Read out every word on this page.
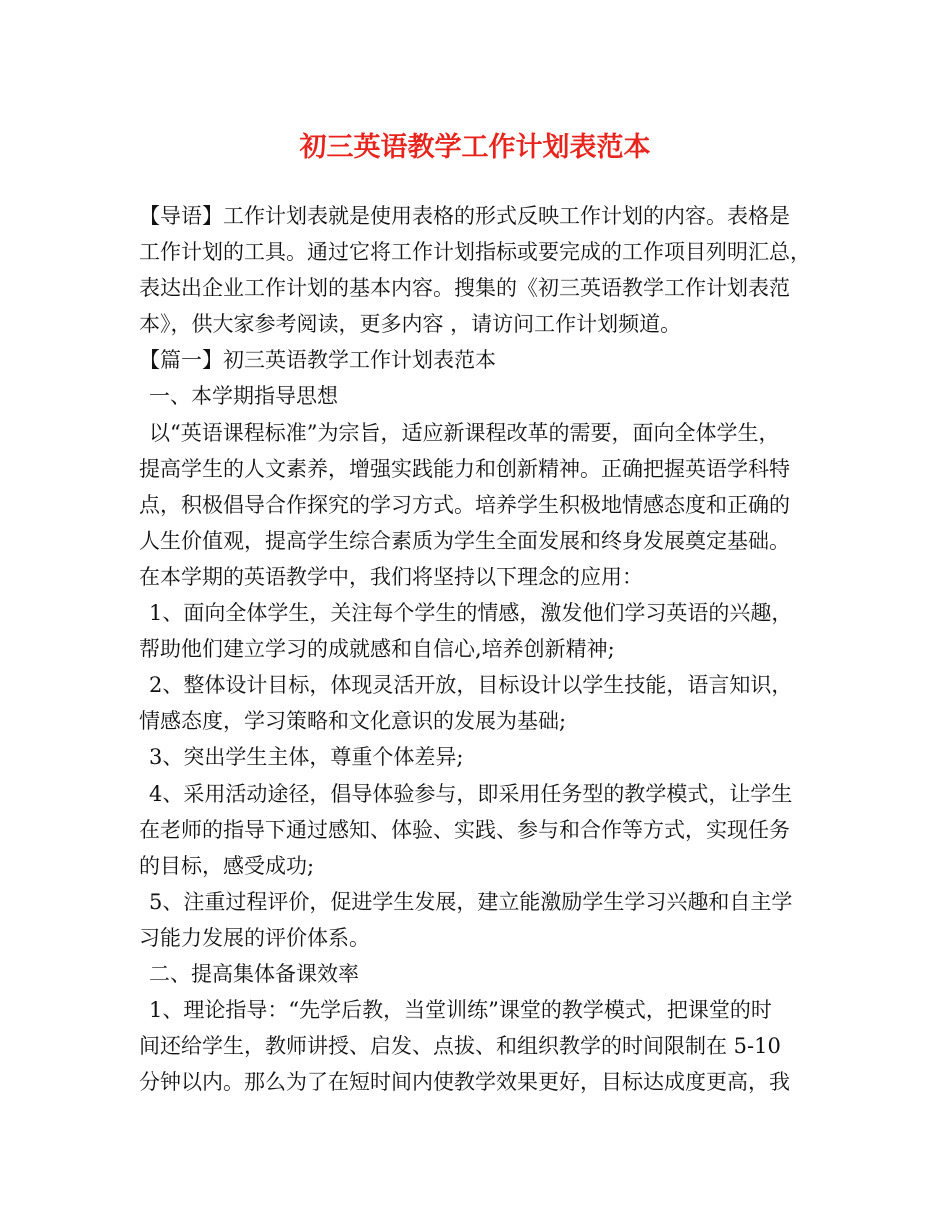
初三英语教学工作计划表范本
【导语】工作计划表就是使用表格的形式反映工作计划的内容。表格是
工作计划的工具。通过它将工作计划指标或要完成的工作项目列明汇总，
表达出企业工作计划的基本内容。搜集的《初三英语教学工作计划表范
本》，供大家参考阅读，更多内容 ，请访问工作计划频道。
【篇一】初三英语教学工作计划表范本
一、本学期指导思想
以“英语课程标准”为宗旨，适应新课程改革的需要，面向全体学生，
提高学生的人文素养，增强实践能力和创新精神。正确把握英语学科特
点，积极倡导合作探究的学习方式。培养学生积极地情感态度和正确的
人生价值观，提高学生综合素质为学生全面发展和终身发展奠定基础。
在本学期的英语教学中，我们将坚持以下理念的应用：
1、面向全体学生，关注每个学生的情感，激发他们学习英语的兴趣，
帮助他们建立学习的成就感和自信心,培养创新精神;
2、整体设计目标，体现灵活开放，目标设计以学生技能，语言知识，
情感态度，学习策略和文化意识的发展为基础;
3、突出学生主体，尊重个体差异;
4、采用活动途径，倡导体验参与，即采用任务型的教学模式，让学生
在老师的指导下通过感知、体验、实践、参与和合作等方式，实现任务
的目标，感受成功;
5、注重过程评价，促进学生发展，建立能激励学生学习兴趣和自主学
习能力发展的评价体系。
二、提高集体备课效率
1、理论指导：“先学后教，当堂训练”课堂的教学模式，把课堂的时
间还给学生，教师讲授、启发、点拔、和组织教学的时间限制在 5-10
分钟以内。那么为了在短时间内使教学效果更好，目标达成度更高，我
